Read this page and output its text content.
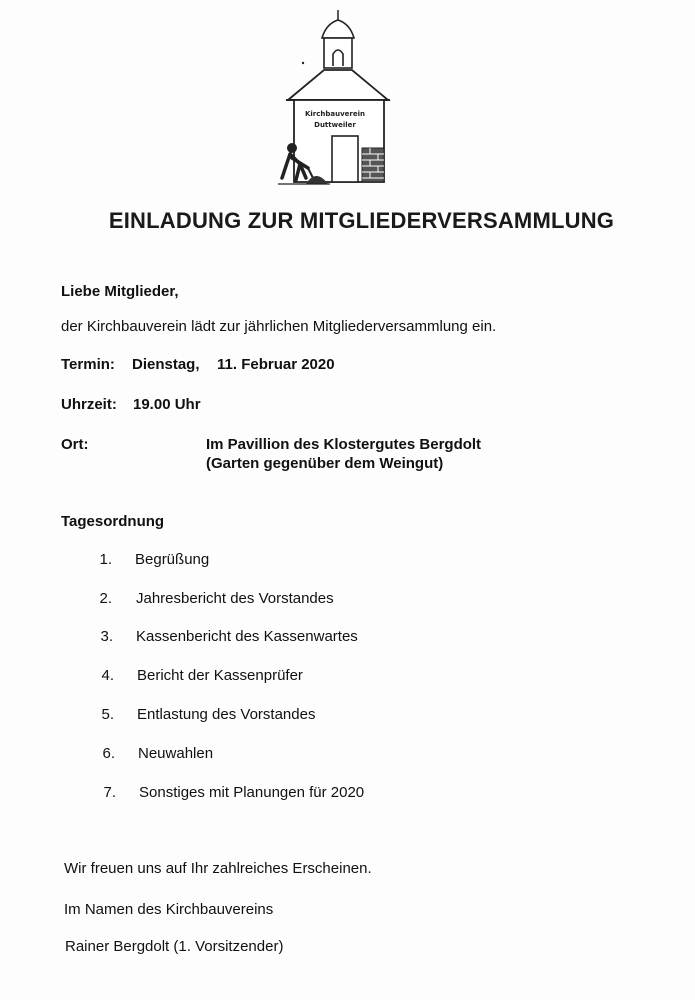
Kirchbauverein
Duttweiler
EINLADUNG ZUR MITGLIEDERVERSAMMLUNG
Liebe Mitglieder,
der Kirchbauverein lädt zur jährlichen Mitgliederversammlung ein.
Termin: Dienstag, 11. Februar 2020
Uhrzeit: 19.00 Uhr
Ort:	Im Pavillion des Klostergutes Bergdolt
(Garten gegenüber dem Weingut)
Tagesordnung
1. Begrüßung
2. Jahresbericht des Vorstandes
3. Kassenbericht des Kassenwartes
4. Bericht der Kassenprüfer
5. Entlastung des Vorstandes
6. Neuwahlen
7. Sonstiges mit Planungen für 2020
Wir freuen uns auf Ihr zahlreiches Erscheinen.
Im Namen des Kirchbauvereins
Rainer Bergdolt (1. Vorsitzender)
